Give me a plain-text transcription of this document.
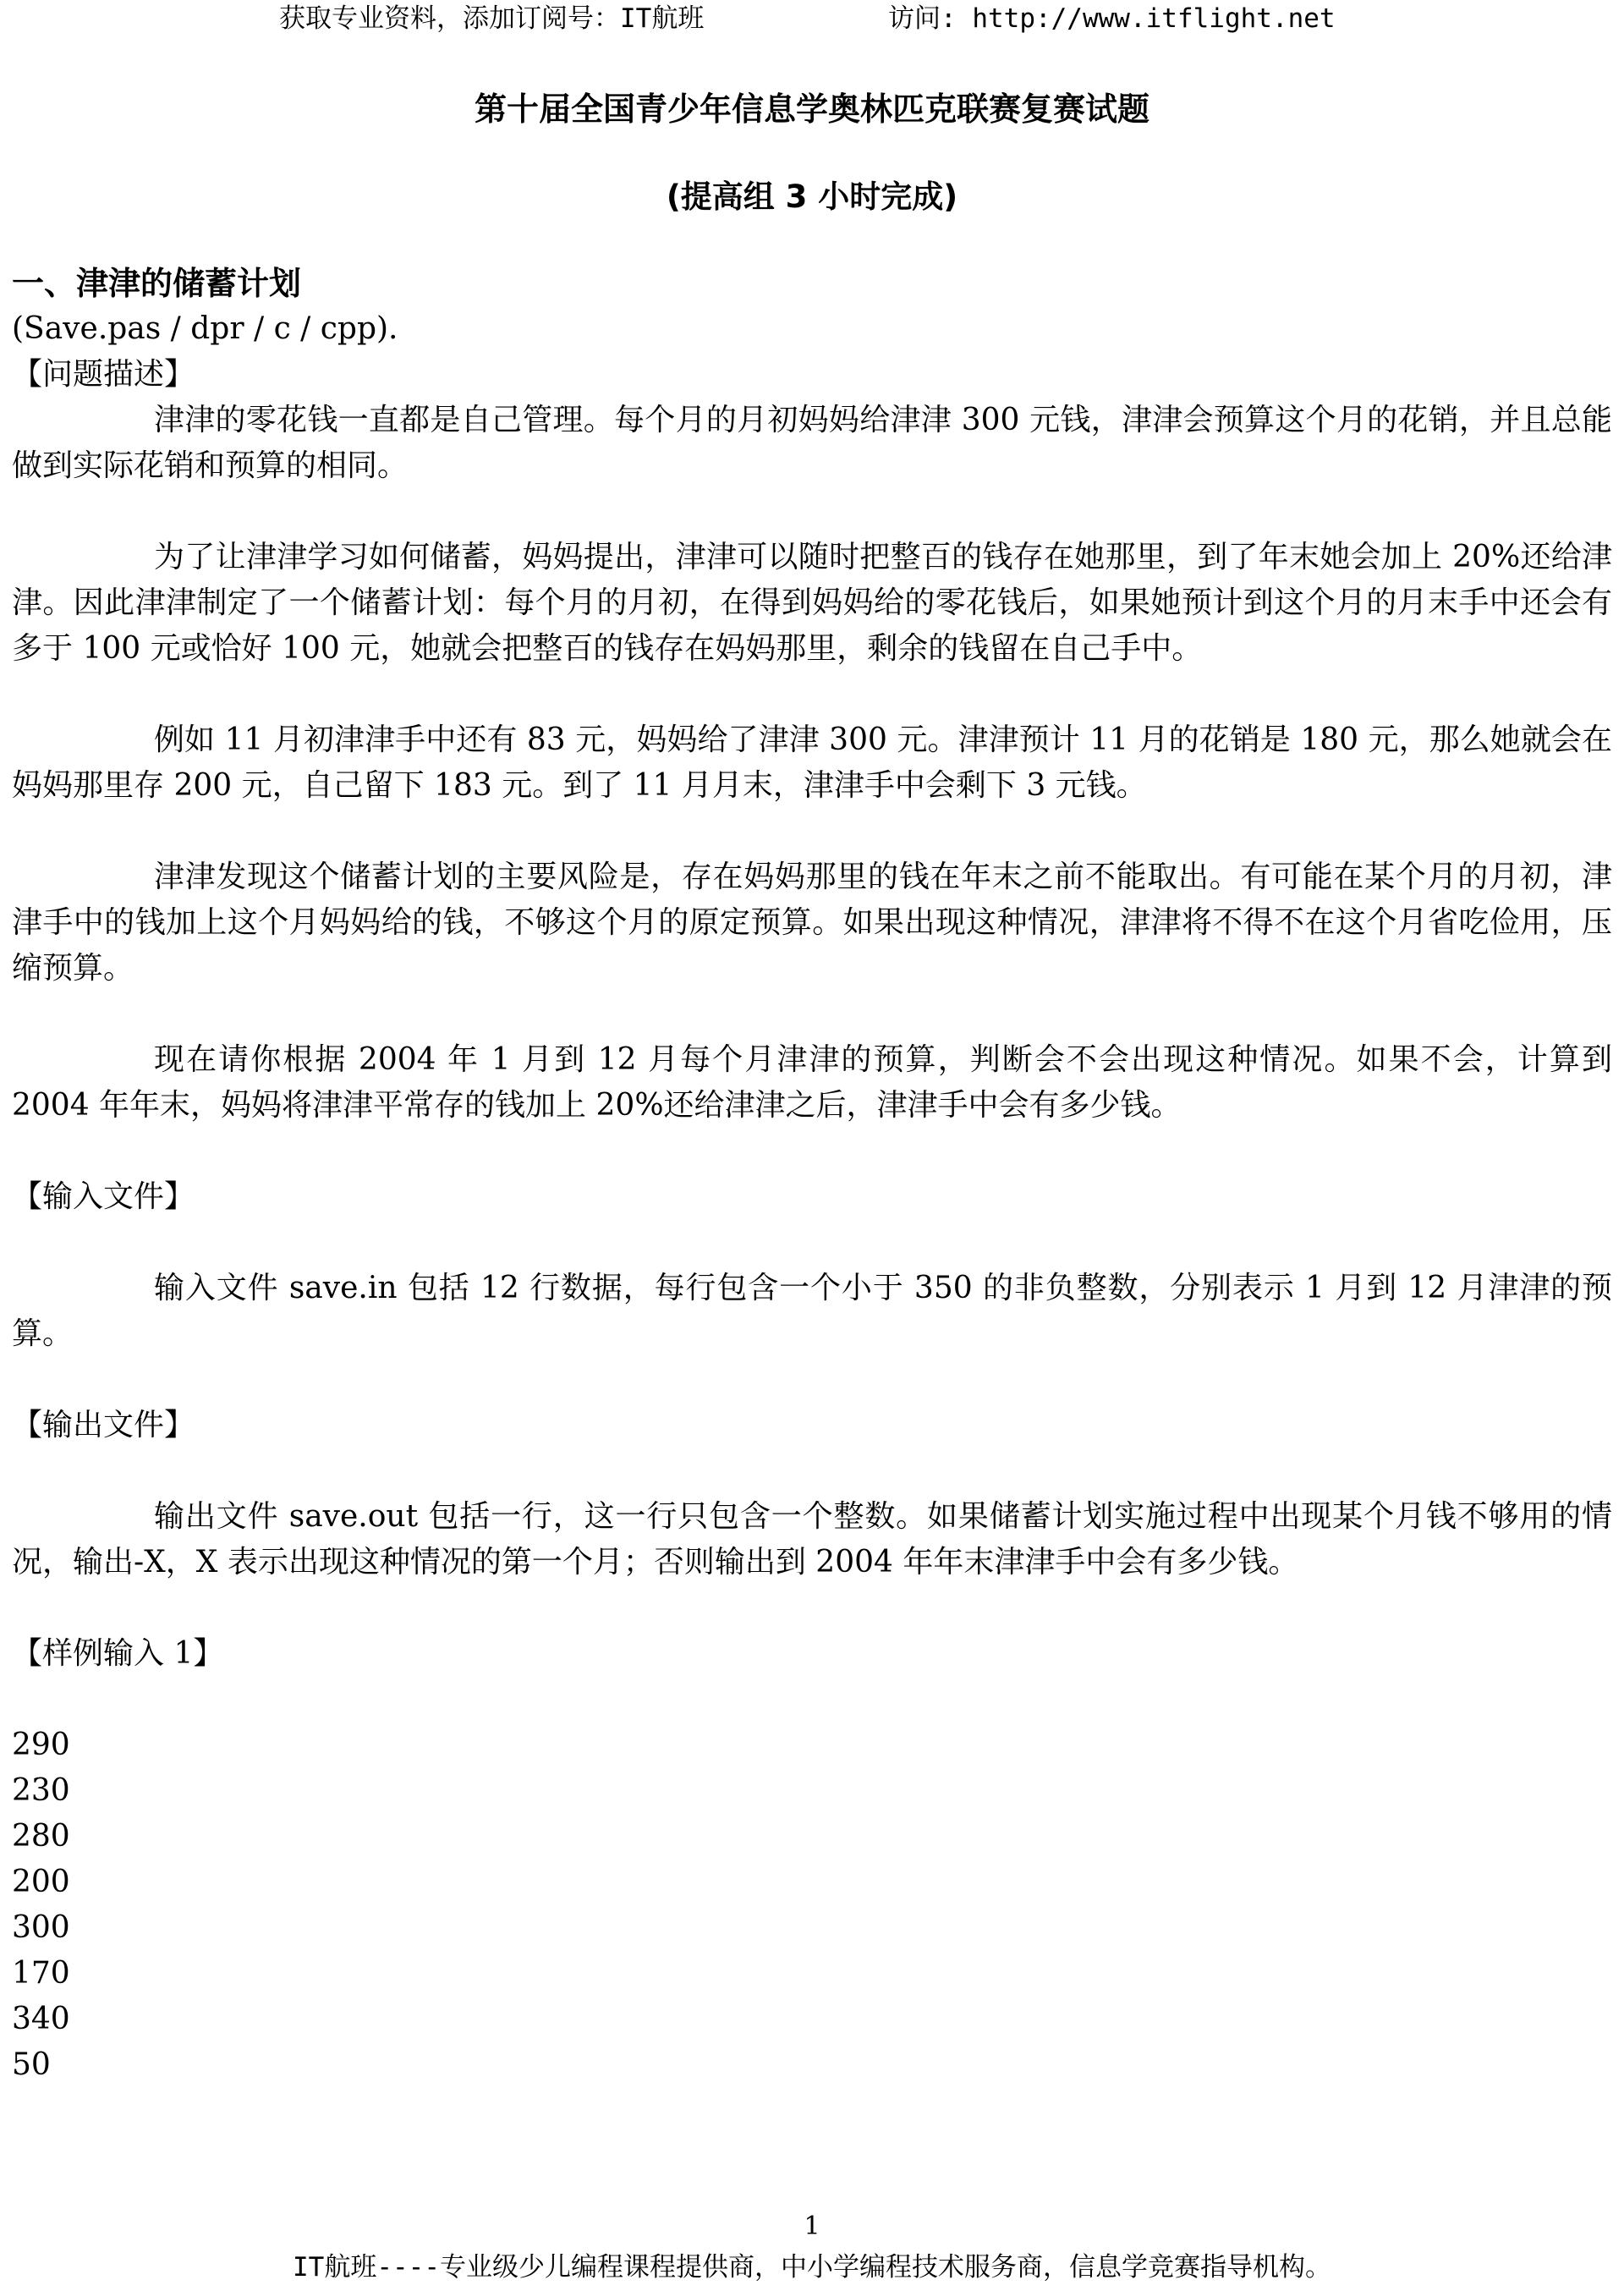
获取专业资料，添加订阅号：IT航班	访问: http://www.itflight.net
第十届全国青少年信息学奥林匹克联赛复赛试题
(提高组 3 小时完成)
一、津津的储蓄计划

(Save.pas / dpr / c / cpp).

【问题描述】

津津的零花钱一直都是自己管理。每个月的月初妈妈给津津 300 元钱，津津会预算这个月的花销，并且总能做到实际花销和预算的相同。

为了让津津学习如何储蓄，妈妈提出，津津可以随时把整百的钱存在她那里，到了年末她会加上 20%还给津津。因此津津制定了一个储蓄计划：每个月的月初，在得到妈妈给的零花钱后，如果她预计到这个月的月末手中还会有多于 100 元或恰好 100 元，她就会把整百的钱存在妈妈那里，剩余的钱留在自己手中。

例如 11 月初津津手中还有 83 元，妈妈给了津津 300 元。津津预计 11 月的花销是 180 元，那么她就会在妈妈那里存 200 元，自己留下 183 元。到了 11 月月末，津津手中会剩下 3 元钱。

津津发现这个储蓄计划的主要风险是，存在妈妈那里的钱在年末之前不能取出。有可能在某个月的月初，津津手中的钱加上这个月妈妈给的钱，不够这个月的原定预算。如果出现这种情况，津津将不得不在这个月省吃俭用，压缩预算。

现在请你根据 2004 年 1 月到 12 月每个月津津的预算，判断会不会出现这种情况。如果不会，计算到 2004 年年末，妈妈将津津平常存的钱加上 20%还给津津之后，津津手中会有多少钱。

【输入文件】

输入文件 save.in 包括 12 行数据，每行包含一个小于 350 的非负整数，分别表示 1 月到 12 月津津的预算。

【输出文件】

输出文件 save.out 包括一行，这一行只包含一个整数。如果储蓄计划实施过程中出现某个月钱不够用的情况，输出-X，X 表示出现这种情况的第一个月；否则输出到 2004 年年末津津手中会有多少钱。

【样例输入 1】

290
230
280
200
300
170
340
50
1
IT航班----专业级少儿编程课程提供商，中小学编程技术服务商，信息学竞赛指导机构。
